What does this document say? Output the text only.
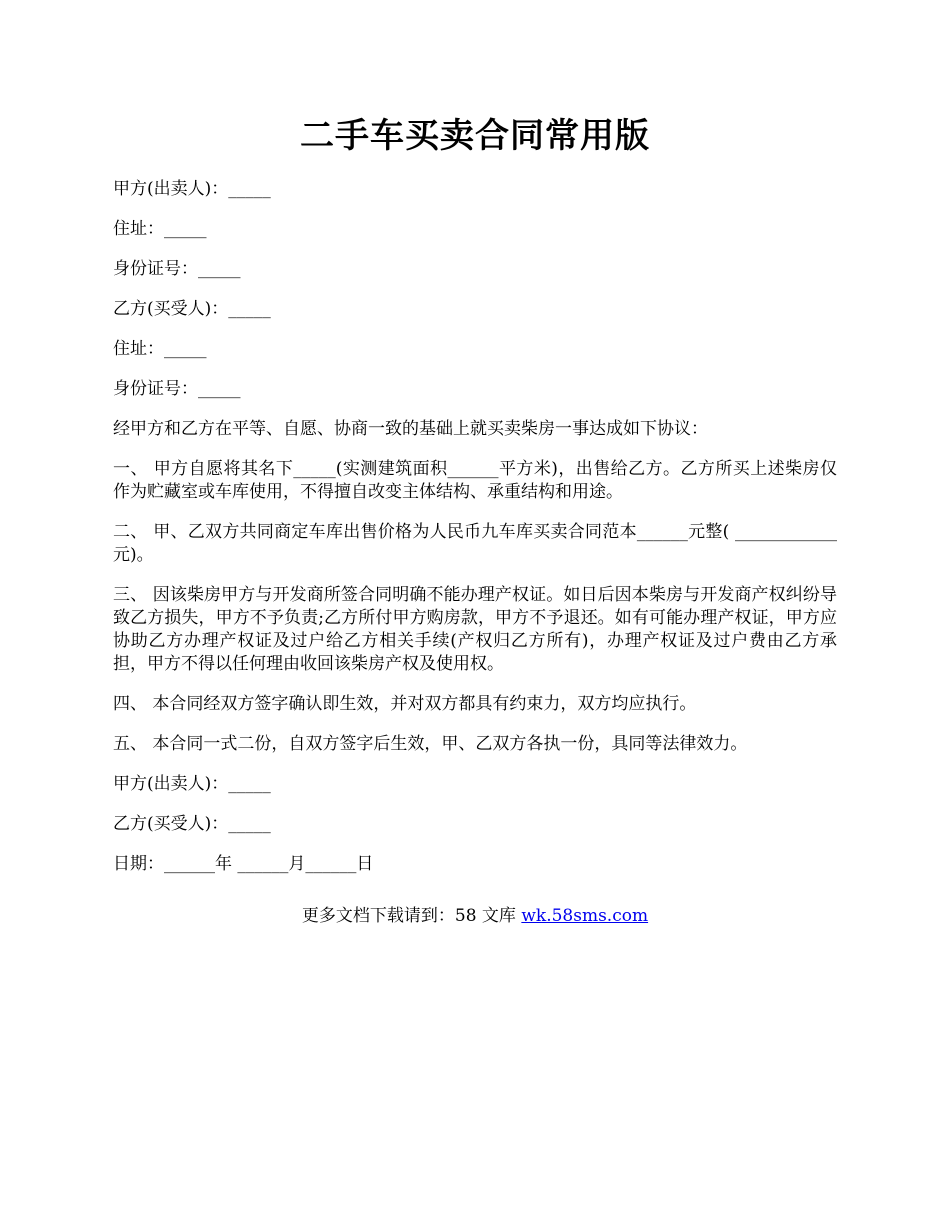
二手车买卖合同常用版

甲方(出卖人)：_____

住址：_____

身份证号：_____

乙方(买受人)：_____

住址：_____

身份证号：_____

经甲方和乙方在平等、自愿、协商一致的基础上就买卖柴房一事达成如下协议：

一、 甲方自愿将其名下_____(实测建筑面积______平方米)，出售给乙方。乙方所买上述柴房仅作为贮藏室或车库使用，不得擅自改变主体结构、承重结构和用途。

二、 甲、乙双方共同商定车库出售价格为人民币九车库买卖合同范本______元整( ____________元)。

三、 因该柴房甲方与开发商所签合同明确不能办理产权证。如日后因本柴房与开发商产权纠纷导致乙方损失，甲方不予负责;乙方所付甲方购房款，甲方不予退还。如有可能办理产权证，甲方应协助乙方办理产权证及过户给乙方相关手续(产权归乙方所有)，办理产权证及过户费由乙方承担，甲方不得以任何理由收回该柴房产权及使用权。

四、 本合同经双方签字确认即生效，并对双方都具有约束力，双方均应执行。

五、 本合同一式二份，自双方签字后生效，甲、乙双方各执一份，具同等法律效力。

甲方(出卖人)：_____

乙方(买受人)：_____

日期：______年 ______月______日

更多文档下载请到：58 文库 wk.58sms.com
